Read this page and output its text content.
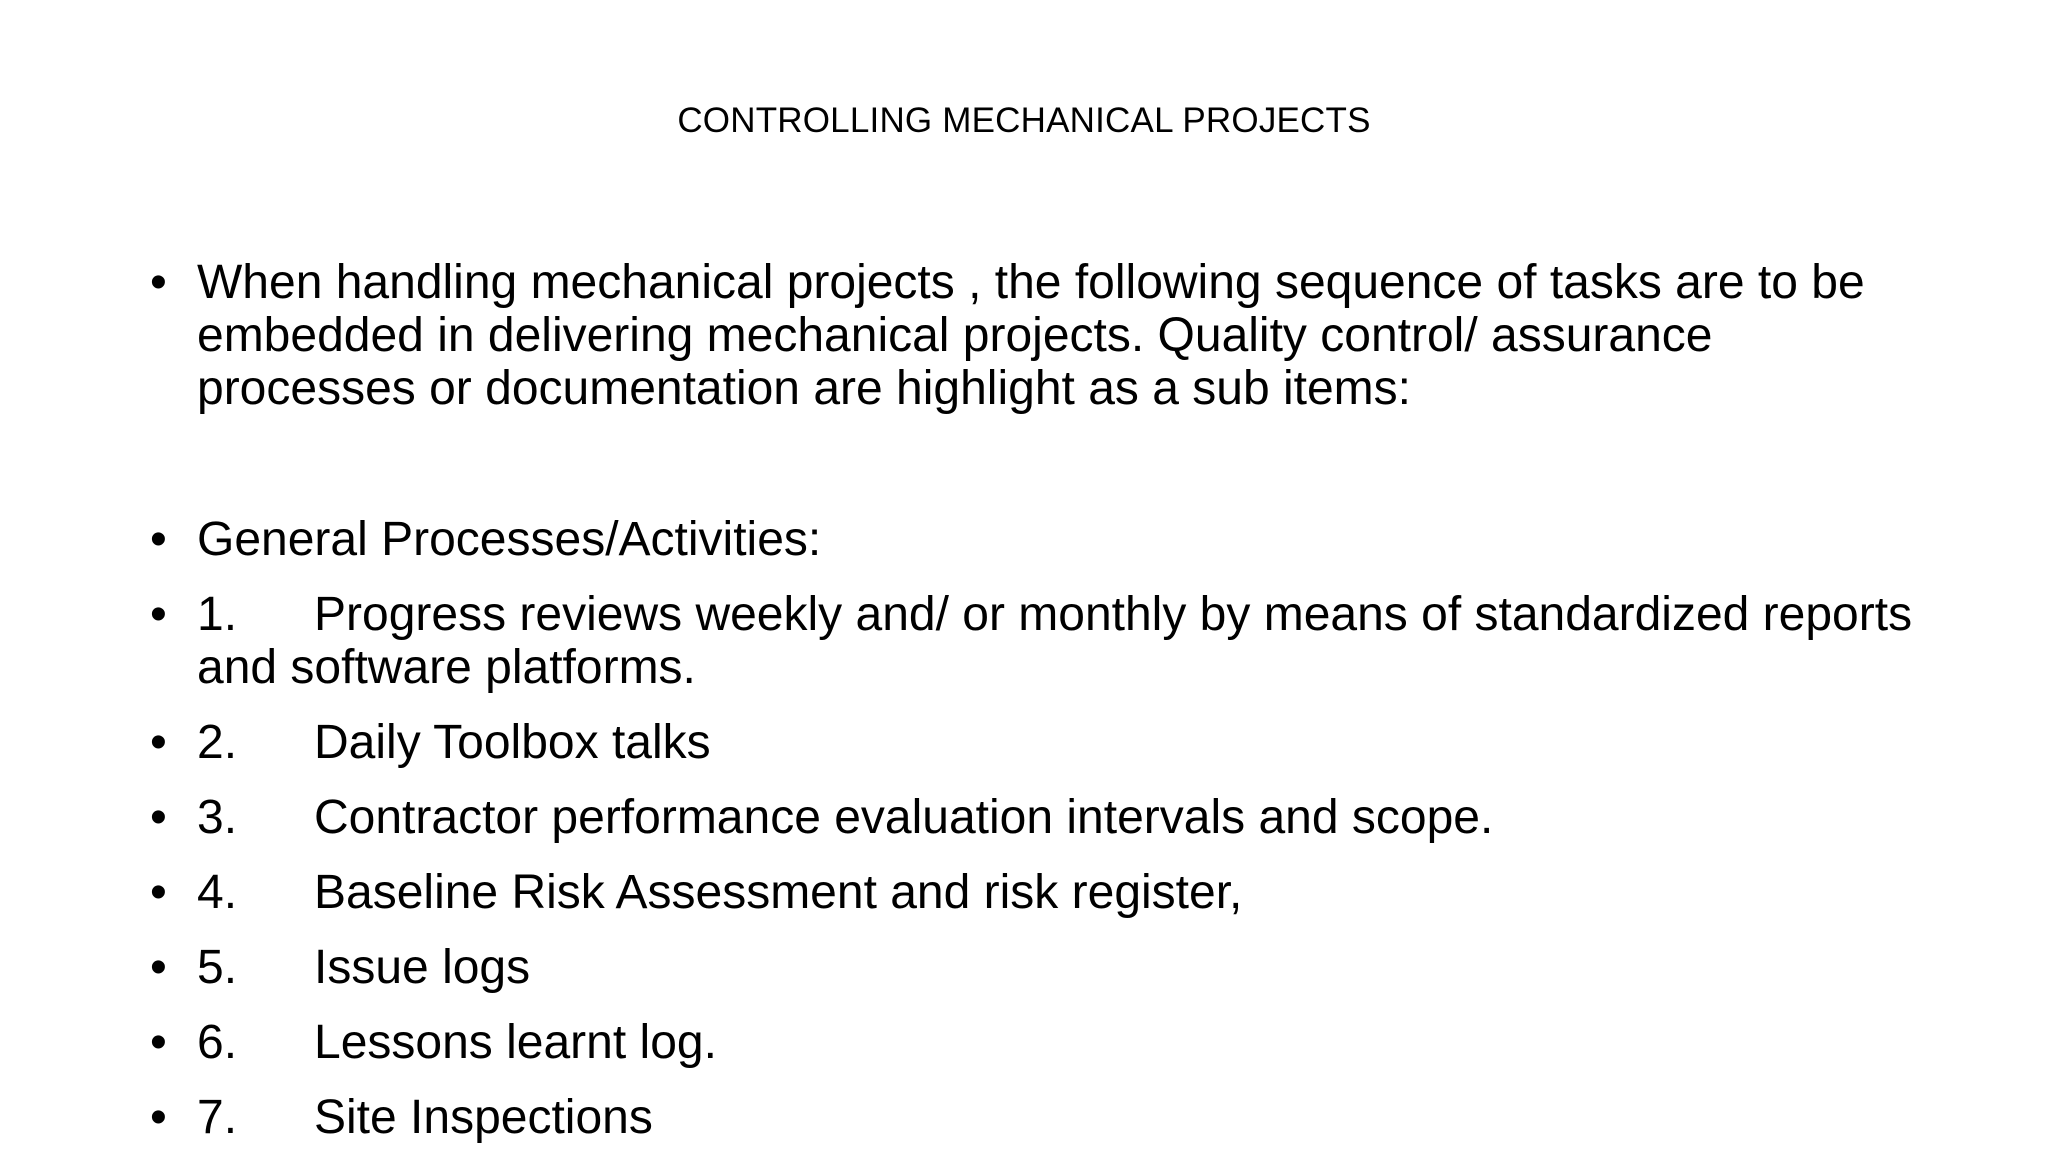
CONTROLLING MECHANICAL PROJECTS
• When handling mechanical projects , the following sequence of tasks are to be embedded in delivering mechanical projects. Quality control/ assurance processes or documentation are highlight as a sub items:
• General Processes/Activities:
• 1. Progress reviews weekly and/ or monthly by means of standardized reports and software platforms.
• 2. Daily Toolbox talks
• 3. Contractor performance evaluation intervals and scope.
• 4. Baseline Risk Assessment and risk register,
• 5. Issue logs
• 6. Lessons learnt log.
• 7. Site Inspections
